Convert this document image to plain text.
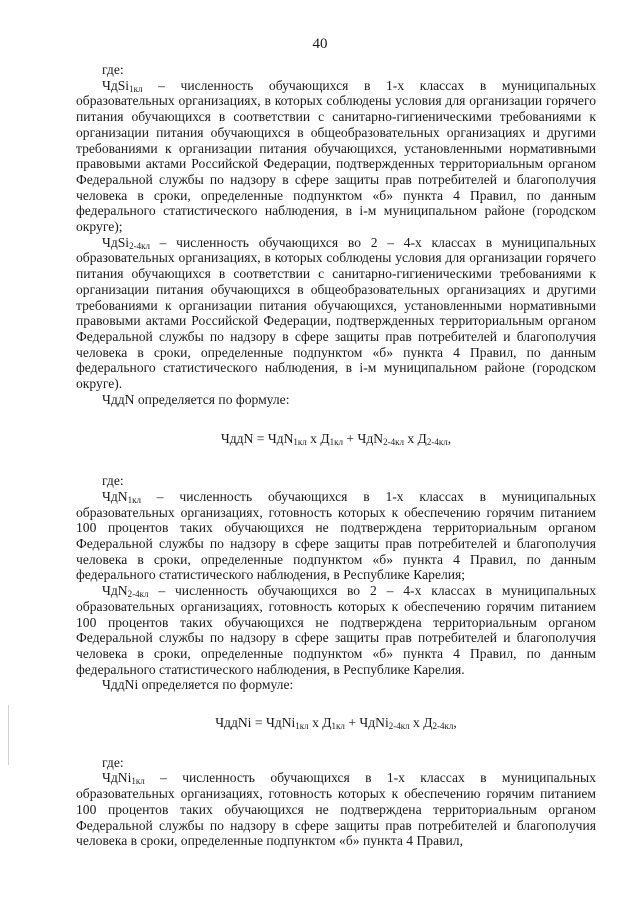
40

где:

ЧдSi$_{1кл}$ – численность обучающихся в 1-х классах в муниципальных образовательных организациях, в которых соблюдены условия для организации горячего питания обучающихся в соответствии с санитарно-гигиеническими требованиями к организации питания обучающихся в общеобразовательных организациях и другими требованиями к организации питания обучающихся, установленными нормативными правовыми актами Российской Федерации, подтвержденных территориальным органом Федеральной службы по надзору в сфере защиты прав потребителей и благополучия человека в сроки, определенные подпунктом «б» пункта 4 Правил, по данным федерального статистического наблюдения, в i-м муниципальном районе (городском округе);

ЧдSi$_{2-4кл}$ – численность обучающихся во 2 – 4-х классах в муниципальных образовательных организациях, в которых соблюдены условия для организации горячего питания обучающихся в соответствии с санитарно-гигиеническими требованиями к организации питания обучающихся в общеобразовательных организациях и другими требованиями к организации питания обучающихся, установленными нормативными правовыми актами Российской Федерации, подтвержденных территориальным органом Федеральной службы по надзору в сфере защиты прав потребителей и благополучия человека в сроки, определенные подпунктом «б» пункта 4 Правил, по данным федерального статистического наблюдения, в i-м муниципальном районе (городском округе).

ЧддN определяется по формуле:

ЧддN = ЧдN$_{1кл}$ x $Д_{1кл} + ЧдN_{2-4кл}$ x $Д_{2-4кл}$,

где:

ЧдN$_{1кл}$ – численность обучающихся в 1-х классах в муниципальных образовательных организациях, готовность которых к обеспечению горячим питанием 100 процентов таких обучающихся не подтверждена территориальным органом Федеральной службы по надзору в сфере защиты прав потребителей и благополучия человека в сроки, определенные подпунктом «б» пункта 4 Правил, по данным федерального статистического наблюдения, в Республике Карелия;

ЧдN$_{2-4кл}$ – численность обучающихся во 2 – 4-х классах в муниципальных образовательных организациях, готовность которых к обеспечению горячим питанием 100 процентов таких обучающихся не подтверждена территориальным органом Федеральной службы по надзору в сфере защиты прав потребителей и благополучия человека в сроки, определенные подпунктом «б» пункта 4 Правил, по данным федерального статистического наблюдения, в Республике Карелия.

ЧддNi определяется по формуле:

ЧддNi = ЧдNi$_{1кл}$ x $Д_{1кл}$ + ЧдNi$_{2-4кл}$ x $Д_{2-4кл}$,

где:

ЧдNi$_{1кл}$ – численность обучающихся в 1-х классах в муниципальных образовательных организациях, готовность которых к обеспечению горячим питанием 100 процентов таких обучающихся не подтверждена территориальным органом Федеральной службы по надзору в сфере защиты прав потребителей и благополучия человека в сроки, определенные подпунктом «б» пункта 4 Правил,
